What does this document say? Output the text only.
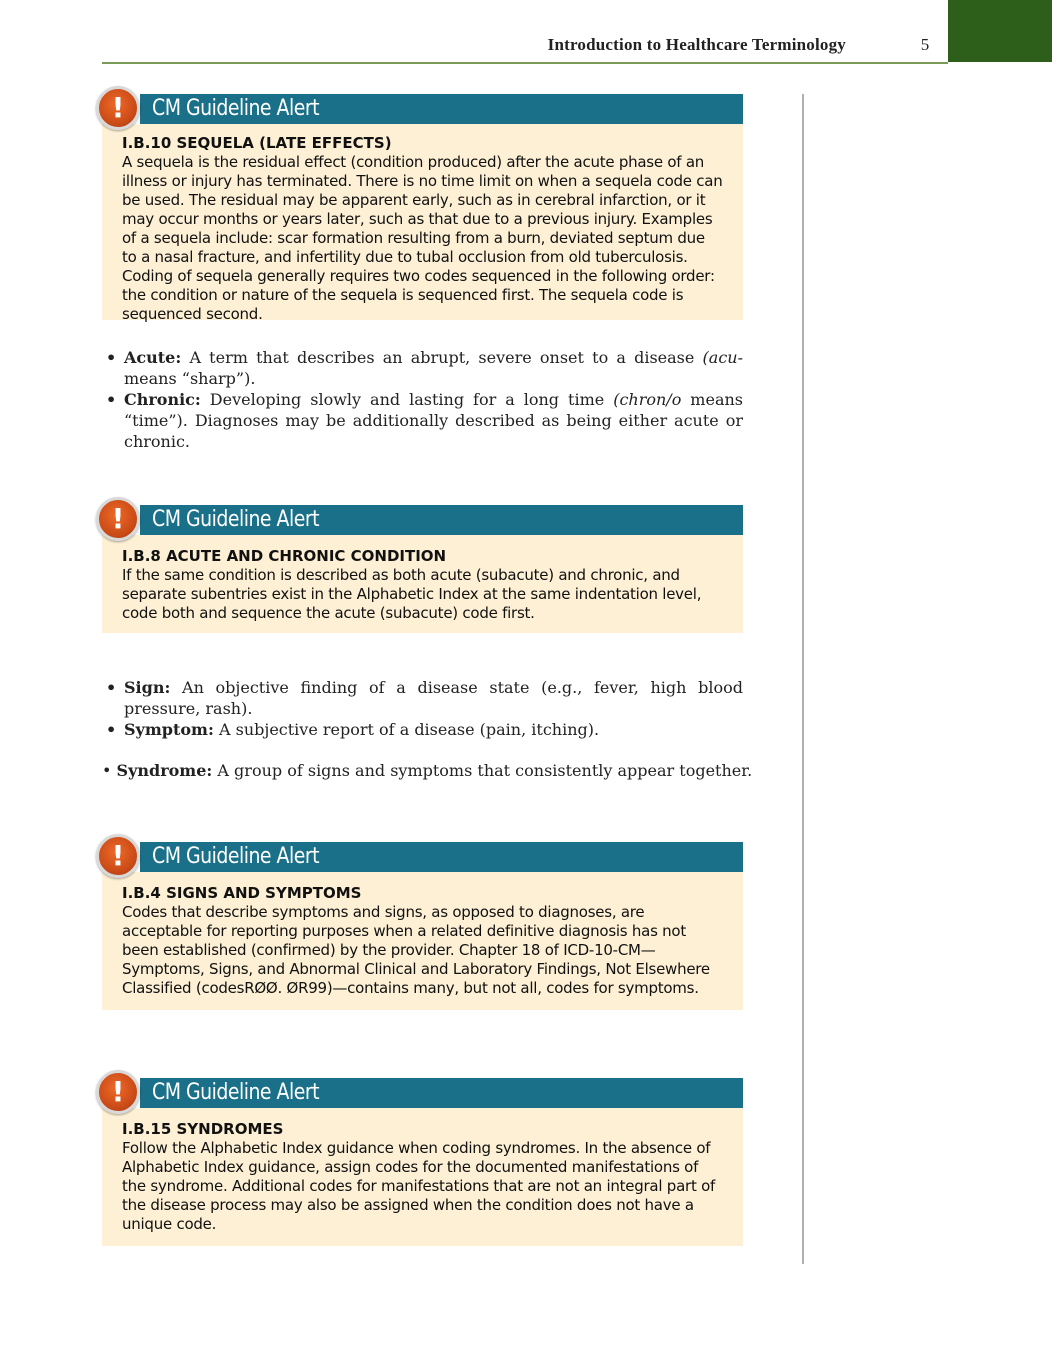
Introduction to Healthcare Terminology	5
CM Guideline Alert
!
I.B.10 SEQUELA (LATE EFFECTS)
A sequela is the residual effect (condition produced) after the acute phase of an illness or injury has terminated. There is no time limit on when a sequela code can be used. The residual may be apparent early, such as in cerebral infarction, or it may occur months or years later, such as that due to a previous injury. Examples of a sequela include: scar formation resulting from a burn, deviated septum due to a nasal fracture, and infertility due to tubal occlusion from old tuberculosis. Coding of sequela generally requires two codes sequenced in the following order: the condition or nature of the sequela is sequenced first. The sequela code is sequenced second.
• Acute: A term that describes an abrupt, severe onset to a disease (acu- means “sharp”).
• Chronic: Developing slowly and lasting for a long time (chron/o means “time”). Diagnoses may be additionally described as being either acute or chronic.
CM Guideline Alert
!
I.B.8 ACUTE AND CHRONIC CONDITION
If the same condition is described as both acute (subacute) and chronic, and separate subentries exist in the Alphabetic Index at the same indentation level, code both and sequence the acute (subacute) code first.
• Sign: An objective finding of a disease state (e.g., fever, high blood pressure, rash).
• Symptom: A subjective report of a disease (pain, itching).
• Syndrome: A group of signs and symptoms that consistently appear together.
CM Guideline Alert
!
I.B.4 SIGNS AND SYMPTOMS
Codes that describe symptoms and signs, as opposed to diagnoses, are acceptable for reporting purposes when a related definitive diagnosis has not been established (confirmed) by the provider. Chapter 18 of ICD-10-CM—Symptoms, Signs, and Abnormal Clinical and Laboratory Findings, Not Elsewhere Classified (codesRØØ. ØR99)—contains many, but not all, codes for symptoms.
CM Guideline Alert
!
I.B.15 SYNDROMES
Follow the Alphabetic Index guidance when coding syndromes. In the absence of Alphabetic Index guidance, assign codes for the documented manifestations of the syndrome. Additional codes for manifestations that are not an integral part of the disease process may also be assigned when the condition does not have a unique code.
